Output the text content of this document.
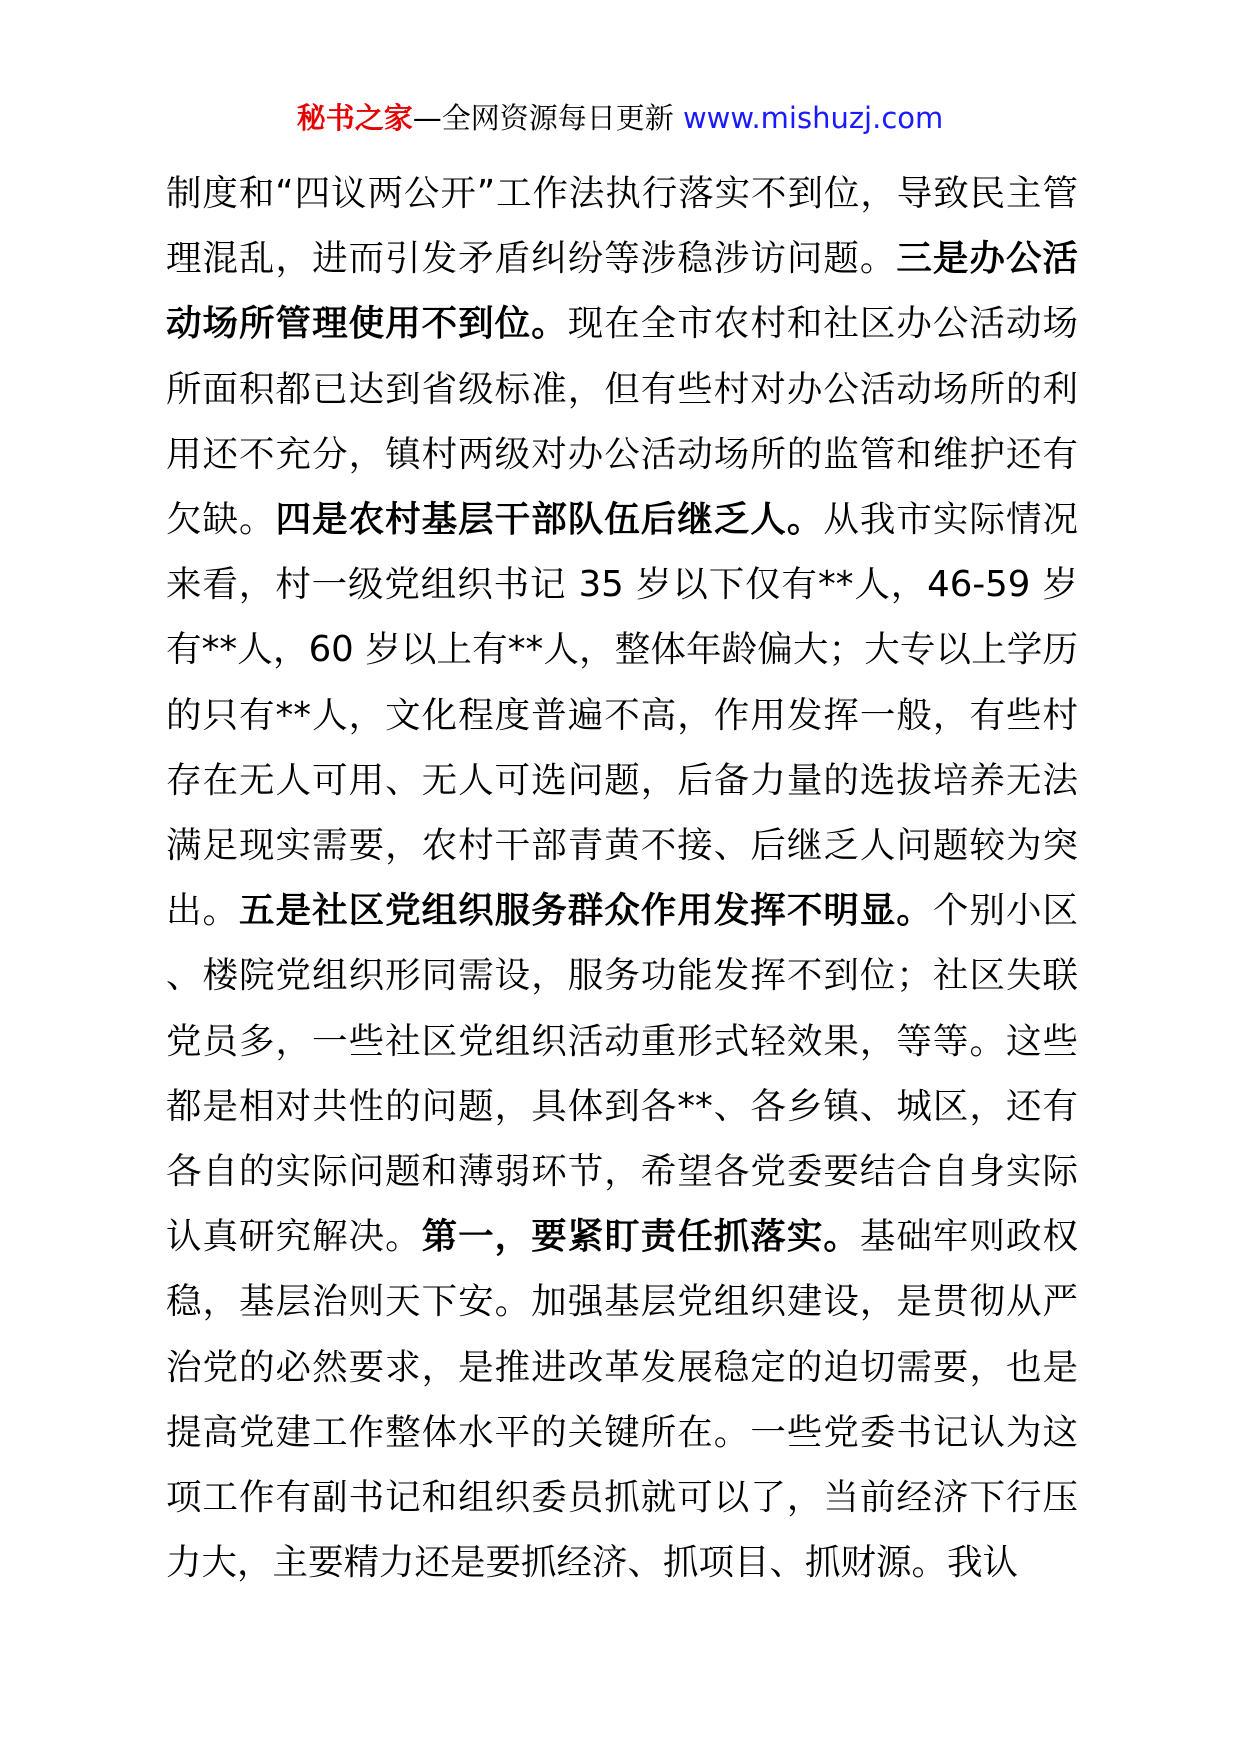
秘书之家—全网资源每日更新 www.mishuzj.com

制度和“四议两公开”工作法执行落实不到位，导致民主管理混乱，进而引发矛盾纠纷等涉稳涉访问题。三是办公活动场所管理使用不到位。现在全市农村和社区办公活动场所面积都已达到省级标准，但有些村对办公活动场所的利用还不充分，镇村两级对办公活动场所的监管和维护还有欠缺。四是农村基层干部队伍后继乏人。从我市实际情况来看，村一级党组织书记 35 岁以下仅有**人，46-59 岁有**人，60 岁以上有**人，整体年龄偏大；大专以上学历的只有**人，文化程度普遍不高，作用发挥一般，有些村存在无人可用、无人可选问题，后备力量的选拔培养无法满足现实需要，农村干部青黄不接、后继乏人问题较为突出。五是社区党组织服务群众作用发挥不明显。个别小区、楼院党组织形同需设，服务功能发挥不到位；社区失联党员多，一些社区党组织活动重形式轻效果，等等。这些都是相对共性的问题，具体到各**、各乡镇、城区，还有各自的实际问题和薄弱环节，希望各党委要结合自身实际认真研究解决。第一，要紧盯责任抓落实。基础牢则政权稳，基层治则天下安。加强基层党组织建设，是贯彻从严治党的必然要求，是推进改革发展稳定的迫切需要，也是提高党建工作整体水平的关键所在。一些党委书记认为这项工作有副书记和组织委员抓就可以了，当前经济下行压力大，主要精力还是要抓经济、抓项目、抓财源。我认
